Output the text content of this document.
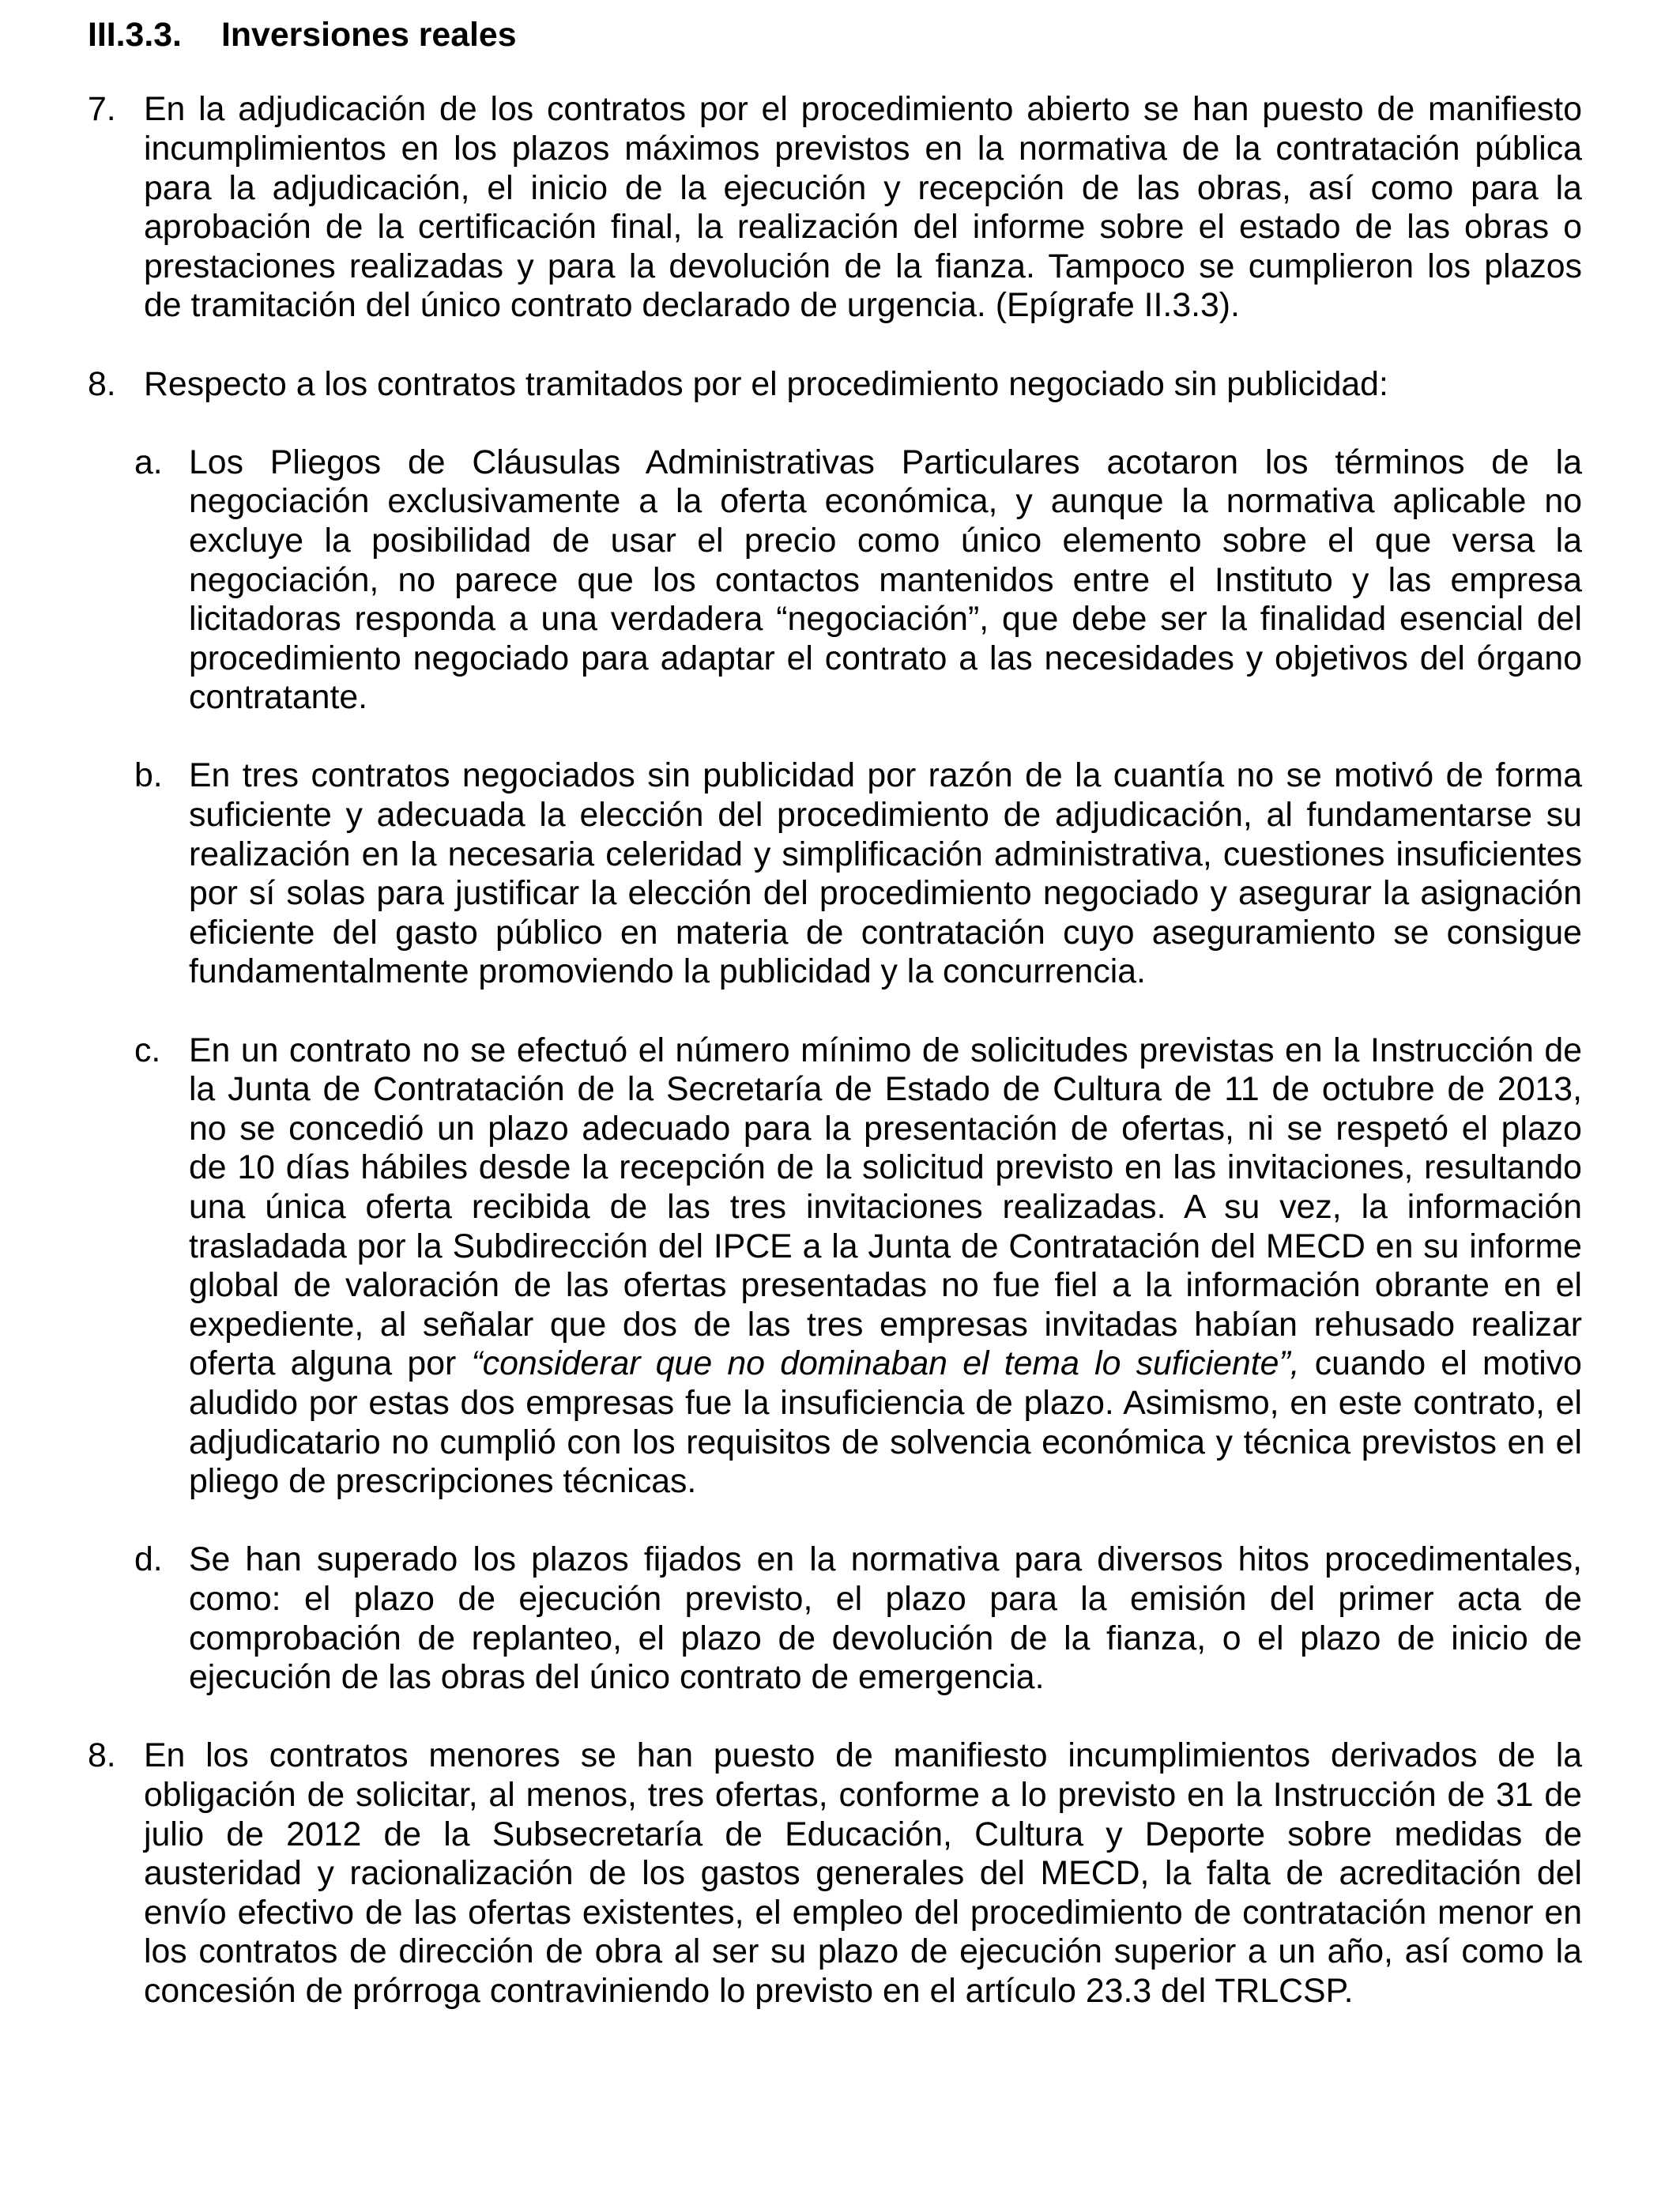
III.3.3.	Inversiones reales
7. En la adjudicación de los contratos por el procedimiento abierto se han puesto de manifiesto
incumplimientos en los plazos máximos previstos en la normativa de la contratación pública
para la adjudicación, el inicio de la ejecución y recepción de las obras, así como para la
aprobación de la certificación final, la realización del informe sobre el estado de las obras o
prestaciones realizadas y para la devolución de la fianza. Tampoco se cumplieron los plazos
de tramitación del único contrato declarado de urgencia. (Epígrafe II.3.3).
8. Respecto a los contratos tramitados por el procedimiento negociado sin publicidad:
a. Los Pliegos de Cláusulas Administrativas Particulares acotaron los términos de la
negociación exclusivamente a la oferta económica, y aunque la normativa aplicable no
excluye la posibilidad de usar el precio como único elemento sobre el que versa la
negociación, no parece que los contactos mantenidos entre el Instituto y las empresa
licitadoras responda a una verdadera “negociación”, que debe ser la finalidad esencial del
procedimiento negociado para adaptar el contrato a las necesidades y objetivos del órgano
contratante.
b. En tres contratos negociados sin publicidad por razón de la cuantía no se motivó de forma
suficiente y adecuada la elección del procedimiento de adjudicación, al fundamentarse su
realización en la necesaria celeridad y simplificación administrativa, cuestiones insuficientes
por sí solas para justificar la elección del procedimiento negociado y asegurar la asignación
eficiente del gasto público en materia de contratación cuyo aseguramiento se consigue
fundamentalmente promoviendo la publicidad y la concurrencia.
c. En un contrato no se efectuó el número mínimo de solicitudes previstas en la Instrucción de
la Junta de Contratación de la Secretaría de Estado de Cultura de 11 de octubre de 2013,
no se concedió un plazo adecuado para la presentación de ofertas, ni se respetó el plazo
de 10 días hábiles desde la recepción de la solicitud previsto en las invitaciones, resultando
una única oferta recibida de las tres invitaciones realizadas. A su vez, la información
trasladada por la Subdirección del IPCE a la Junta de Contratación del MECD en su informe
global de valoración de las ofertas presentadas no fue fiel a la información obrante en el
expediente, al señalar que dos de las tres empresas invitadas habían rehusado realizar
oferta alguna por “considerar que no dominaban el tema lo suficiente”, cuando el motivo
aludido por estas dos empresas fue la insuficiencia de plazo. Asimismo, en este contrato, el
adjudicatario no cumplió con los requisitos de solvencia económica y técnica previstos en el
pliego de prescripciones técnicas.
d. Se han superado los plazos fijados en la normativa para diversos hitos procedimentales,
como: el plazo de ejecución previsto, el plazo para la emisión del primer acta de
comprobación de replanteo, el plazo de devolución de la fianza, o el plazo de inicio de
ejecución de las obras del único contrato de emergencia.
8. En los contratos menores se han puesto de manifiesto incumplimientos derivados de la
obligación de solicitar, al menos, tres ofertas, conforme a lo previsto en la Instrucción de 31 de
julio de 2012 de la Subsecretaría de Educación, Cultura y Deporte sobre medidas de
austeridad y racionalización de los gastos generales del MECD, la falta de acreditación del
envío efectivo de las ofertas existentes, el empleo del procedimiento de contratación menor en
los contratos de dirección de obra al ser su plazo de ejecución superior a un año, así como la
concesión de prórroga contraviniendo lo previsto en el artículo 23.3 del TRLCSP.
